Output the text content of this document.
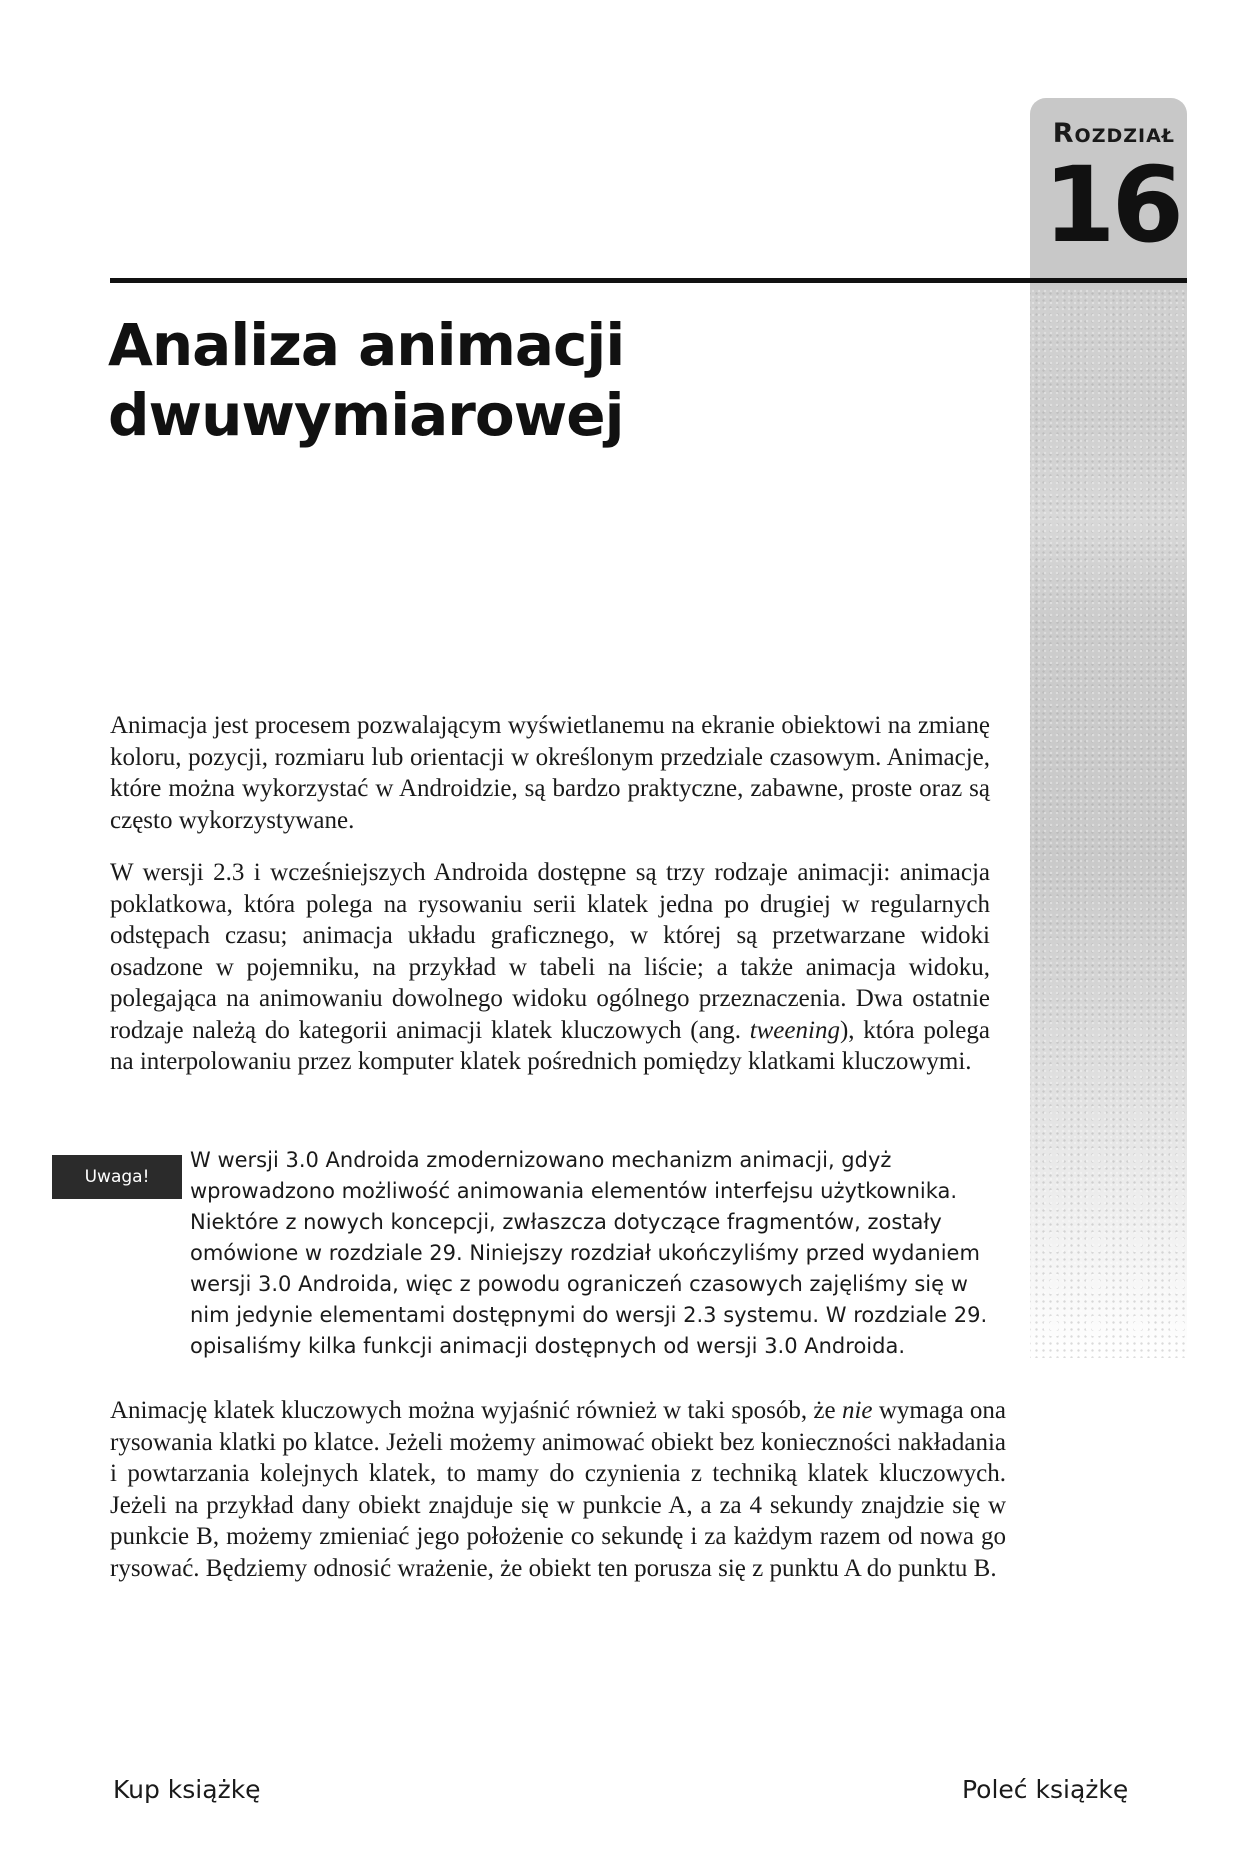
Rozdział
16
Analiza animacji dwuwymiarowej

Animacja jest procesem pozwalającym wyświetlanemu na ekranie obiektowi na zmianę koloru, pozycji, rozmiaru lub orientacji w określonym przedziale czasowym. Animacje, które można wykorzystać w Androidzie, są bardzo praktyczne, zabawne, proste oraz są często wykorzystywane.

W wersji 2.3 i wcześniejszych Androida dostępne są trzy rodzaje animacji: animacja poklatkowa, która polega na rysowaniu serii klatek jedna po drugiej w regularnych odstępach czasu; animacja układu graficznego, w której są przetwarzane widoki osadzone w pojemniku, na przykład w tabeli na liście; a także animacja widoku, polegająca na animowaniu dowolnego widoku ogólnego przeznaczenia. Dwa ostatnie rodzaje należą do kategorii animacji klatek kluczowych (ang. tweening), która polega na interpolowaniu przez komputer klatek pośrednich pomiędzy klatkami kluczowymi.

Uwaga!

W wersji 3.0 Androida zmodernizowano mechanizm animacji, gdyż wprowadzono możliwość animowania elementów interfejsu użytkownika. Niektóre z nowych koncepcji, zwłaszcza dotyczące fragmentów, zostały omówione w rozdziale 29. Niniejszy rozdział ukończyliśmy przed wydaniem wersji 3.0 Androida, więc z powodu ograniczeń czasowych zajęliśmy się w nim jedynie elementami dostępnymi do wersji 2.3 systemu. W rozdziale 29. opisaliśmy kilka funkcji animacji dostępnych od wersji 3.0 Androida.

Animację klatek kluczowych można wyjaśnić również w taki sposób, że nie wymaga ona rysowania klatki po klatce. Jeżeli możemy animować obiekt bez konieczności nakładania i powtarzania kolejnych klatek, to mamy do czynienia z techniką klatek kluczowych. Jeżeli na przykład dany obiekt znajduje się w punkcie A, a za 4 sekundy znajdzie się w punkcie B, możemy zmieniać jego położenie co sekundę i za każdym razem od nowa go rysować. Będziemy odnosić wrażenie, że obiekt ten porusza się z punktu A do punktu B.

Kup książkę	Poleć książkę
